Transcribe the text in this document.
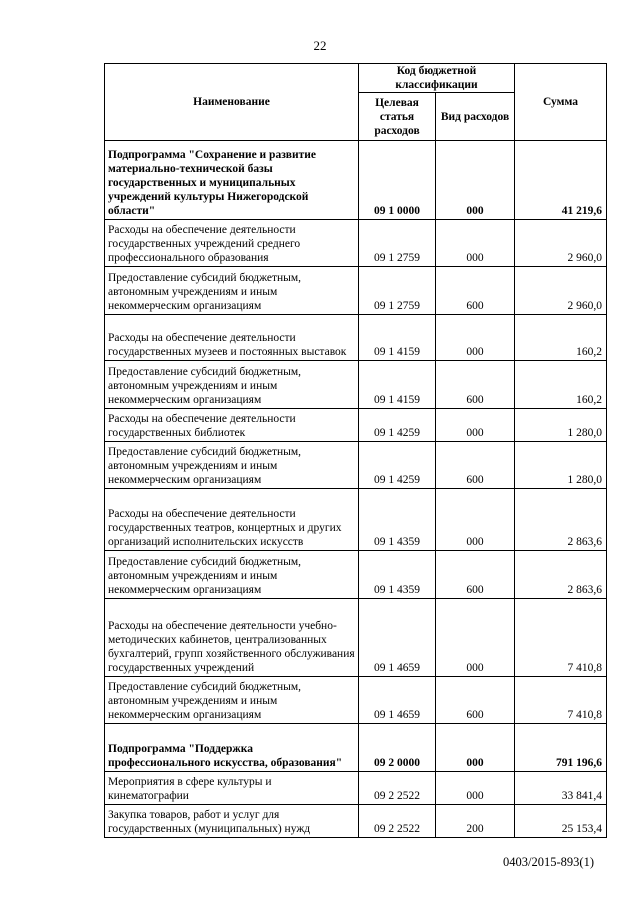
22
Наименование	Код бюджетной классификации		Сумма
	Целевая статья расходов	Вид расходов	
Подпрограмма "Сохранение и развитие материально-технической базы государственных и муниципальных учреждений культуры Нижегородской области"	09 1 0000	000	41 219,6
Расходы на обеспечение деятельности государственных учреждений среднего профессионального образования	09 1 2759	000	2 960,0
Предоставление субсидий бюджетным, автономным учреждениям и иным некоммерческим организациям	09 1 2759	600	2 960,0
Расходы на обеспечение деятельности государственных музеев и постоянных выставок	09 1 4159	000	160,2
Предоставление субсидий бюджетным, автономным учреждениям и иным некоммерческим организациям	09 1 4159	600	160,2
Расходы на обеспечение деятельности государственных библиотек	09 1 4259	000	1 280,0
Предоставление субсидий бюджетным, автономным учреждениям и иным некоммерческим организациям	09 1 4259	600	1 280,0
Расходы на обеспечение деятельности государственных театров, концертных и других организаций исполнительских искусств	09 1 4359	000	2 863,6
Предоставление субсидий бюджетным, автономным учреждениям и иным некоммерческим организациям	09 1 4359	600	2 863,6
Расходы на обеспечение деятельности учебно-методических кабинетов, централизованных бухгалтерий, групп хозяйственного обслуживания государственных учреждений	09 1 4659	000	7 410,8
Предоставление субсидий бюджетным, автономным учреждениям и иным некоммерческим организациям	09 1 4659	600	7 410,8
Подпрограмма "Поддержка профессионального искусства, образования"	09 2 0000	000	791 196,6
Мероприятия в сфере культуры и кинематографии	09 2 2522	000	33 841,4
Закупка товаров, работ и услуг для государственных (муниципальных) нужд	09 2 2522	200	25 153,4
0403/2015-893(1)
